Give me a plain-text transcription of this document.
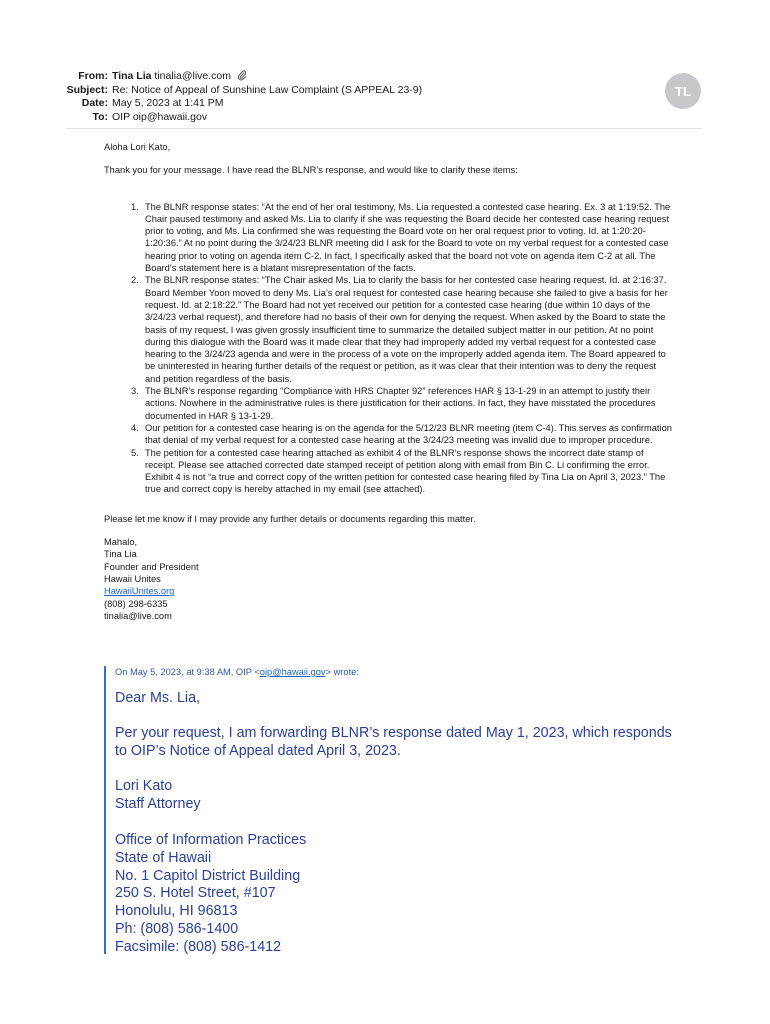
From: Tina Lia tinalia@live.com
Subject: Re: Notice of Appeal of Sunshine Law Complaint (S APPEAL 23-9)
Date: May 5, 2023 at 1:41 PM
To: OIP oip@hawaii.gov
TL

Aloha Lori Kato,

Thank you for your message. I have read the BLNR’s response, and would like to clarify these items:

1. The BLNR response states: “At the end of her oral testimony, Ms. Lia requested a contested case hearing. Ex. 3 at 1:19:52. The Chair paused testimony and asked Ms. Lia to clarify if she was requesting the Board decide her contested case hearing request prior to voting, and Ms. Lia confirmed she was requesting the Board vote on her oral request prior to voting. Id. at 1:20:20-1:20:36.” At no point during the 3/24/23 BLNR meeting did I ask for the Board to vote on my verbal request for a contested case hearing prior to voting on agenda item C-2. In fact, I specifically asked that the board not vote on agenda item C-2 at all. The Board’s statement here is a blatant misrepresentation of the facts.
2. The BLNR response states: “The Chair asked Ms. Lia to clarify the basis for her contested case hearing request. Id. at 2:16:37. Board Member Yoon moved to deny Ms. Lia’s oral request for contested case hearing because she failed to give a basis for her request. Id. at 2:18:22.” The Board had not yet received our petition for a contested case hearing (due within 10 days of the 3/24/23 verbal request), and therefore had no basis of their own for denying the request. When asked by the Board to state the basis of my request, I was given grossly insufficient time to summarize the detailed subject matter in our petition. At no point during this dialogue with the Board was it made clear that they had improperly added my verbal request for a contested case hearing to the 3/24/23 agenda and were in the process of a vote on the improperly added agenda item. The Board appeared to be uninterested in hearing further details of the request or petition, as it was clear that their intention was to deny the request and petition regardless of the basis.
3. The BLNR’s response regarding “Compliance with HRS Chapter 92” references HAR § 13-1-29 in an attempt to justify their actions. Nowhere in the administrative rules is there justification for their actions. In fact, they have misstated the procedures documented in HAR § 13-1-29.
4. Our petition for a contested case hearing is on the agenda for the 5/12/23 BLNR meeting (item C-4). This serves as confirmation that denial of my verbal request for a contested case hearing at the 3/24/23 meeting was invalid due to improper procedure.
5. The petition for a contested case hearing attached as exhibit 4 of the BLNR’s response shows the incorrect date stamp of receipt. Please see attached corrected date stamped receipt of petition along with email from Bin C. Li confirming the error. Exhibit 4 is not “a true and correct copy of the written petition for contested case hearing filed by Tina Lia on April 3, 2023.” The true and correct copy is hereby attached in my email (see attached).

Please let me know if I may provide any further details or documents regarding this matter.

Mahalo,
Tina Lia
Founder and President
Hawaii Unites
HawaiiUnites.org
(808) 298-6335
tinalia@live.com
On May 5, 2023, at 9:38 AM, OIP <oip@hawaii.gov> wrote:

Dear Ms. Lia,

Per your request, I am forwarding BLNR’s response dated May 1, 2023, which responds to OIP’s Notice of Appeal dated April 3, 2023.

Lori Kato

Staff Attorney

Office of Information Practices

State of Hawaii

No. 1 Capitol District Building

250 S. Hotel Street, #107

Honolulu, HI 96813

Ph: (808) 586-1400

Facsimile: (808) 586-1412
